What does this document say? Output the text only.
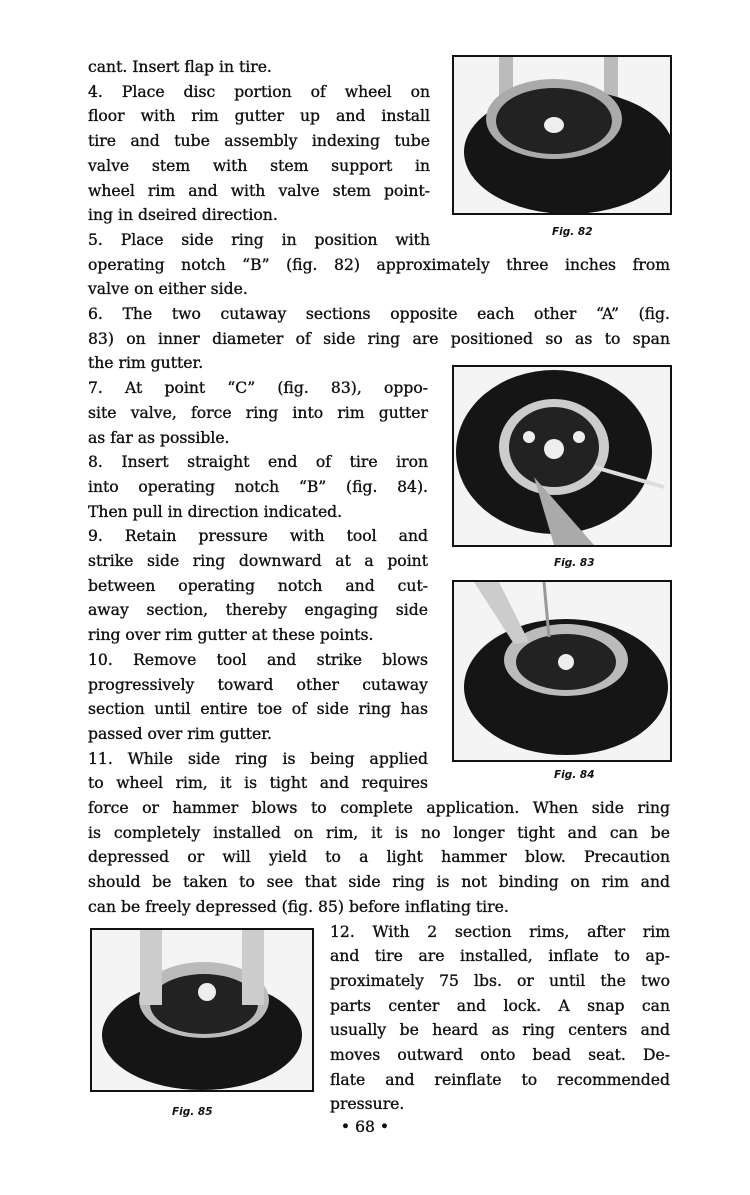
cant. Insert flap in tire.
4. Place disc portion of wheel on
floor with rim gutter up and install
tire and tube assembly indexing tube
valve stem with stem support in
wheel rim and with valve stem point-
ing in dseired direction.
5. Place side ring in position with
operating notch “B” (fig. 82) approximately three inches from
valve on either side.
6. The two cutaway sections opposite each other “A” (fig.
83) on inner diameter of side ring are positioned so as to span
the rim gutter.
7. At point “C” (fig. 83), oppo-
site valve, force ring into rim gutter
as far as possible.
8. Insert straight end of tire iron
into operating notch “B” (fig. 84).
Then pull in direction indicated.
9. Retain pressure with tool and
strike side ring downward at a point
between operating notch and cut-
away section, thereby engaging side
ring over rim gutter at these points.
10. Remove tool and strike blows
progressively toward other cutaway
section until entire toe of side ring has
passed over rim gutter.
11. While side ring is being applied
to wheel rim, it is tight and requires
force or hammer blows to complete application. When side ring
is completely installed on rim, it is no longer tight and can be
depressed or will yield to a light hammer blow. Precaution
should be taken to see that side ring is not binding on rim and
can be freely depressed (fig. 85) before inflating tire.
12. With 2 section rims, after rim
and tire are installed, inflate to ap-
proximately 75 lbs. or until the two
parts center and lock. A snap can
usually be heard as ring centers and
moves outward onto bead seat. De-
flate and reinflate to recommended
pressure.
• 68 •
Fig. 82
Fig. 83
Fig. 84
Fig. 85
